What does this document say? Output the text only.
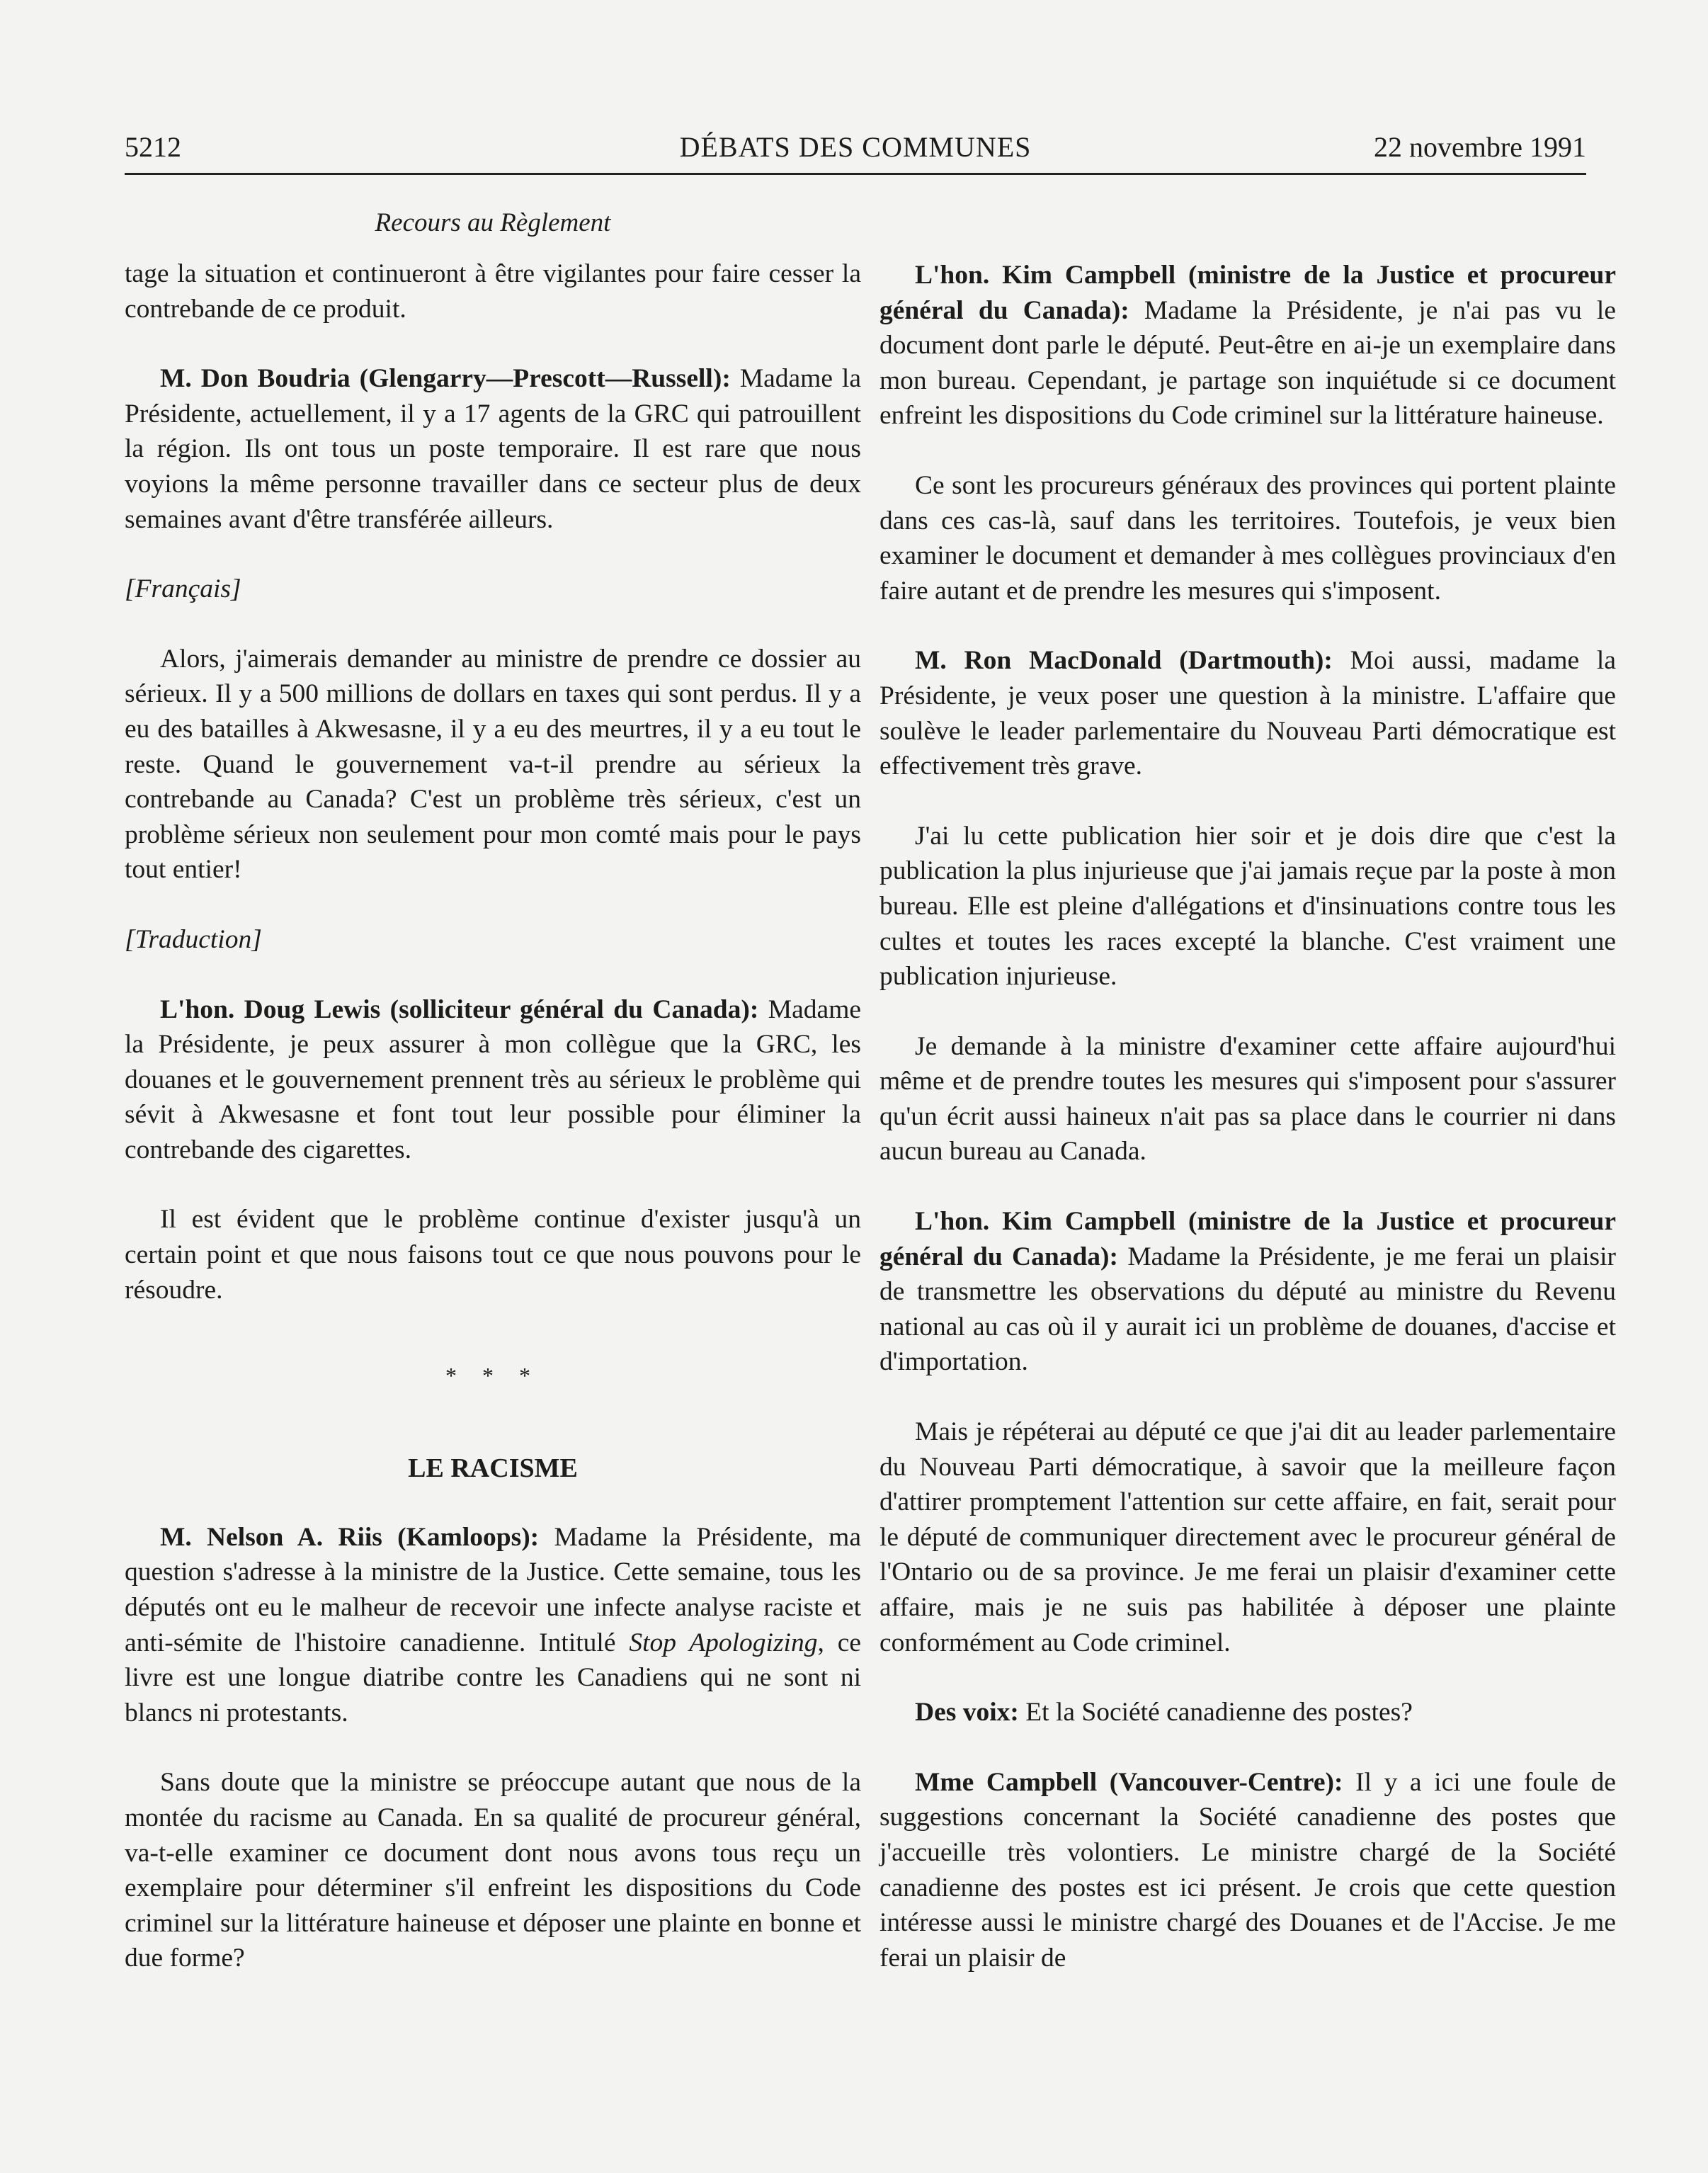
5212	DÉBATS DES COMMUNES	22 novembre 1991
Recours au Règlement

tage la situation et continueront à être vigilantes pour faire cesser la contrebande de ce produit.

M. Don Boudria (Glengarry—Prescott—Russell): Madame la Présidente, actuellement, il y a 17 agents de la GRC qui patrouillent la région. Ils ont tous un poste temporaire. Il est rare que nous voyions la même personne travailler dans ce secteur plus de deux semaines avant d'être transférée ailleurs.

[Français]

Alors, j'aimerais demander au ministre de prendre ce dossier au sérieux. Il y a 500 millions de dollars en taxes qui sont perdus. Il y a eu des batailles à Akwesasne, il y a eu des meurtres, il y a eu tout le reste. Quand le gouvernement va-t-il prendre au sérieux la contrebande au Canada? C'est un problème très sérieux, c'est un problème sérieux non seulement pour mon comté mais pour le pays tout entier!

[Traduction]

L'hon. Doug Lewis (solliciteur général du Canada): Madame la Présidente, je peux assurer à mon collègue que la GRC, les douanes et le gouvernement prennent très au sérieux le problème qui sévit à Akwesasne et font tout leur possible pour éliminer la contrebande des cigarettes.

Il est évident que le problème continue d'exister jusqu'à un certain point et que nous faisons tout ce que nous pouvons pour le résoudre.

* * *

LE RACISME

M. Nelson A. Riis (Kamloops): Madame la Présidente, ma question s'adresse à la ministre de la Justice. Cette semaine, tous les députés ont eu le malheur de recevoir une infecte analyse raciste et anti-sémite de l'histoire canadienne. Intitulé Stop Apologizing, ce livre est une longue diatribe contre les Canadiens qui ne sont ni blancs ni protestants.

Sans doute que la ministre se préoccupe autant que nous de la montée du racisme au Canada. En sa qualité de procureur général, va-t-elle examiner ce document dont nous avons tous reçu un exemplaire pour déterminer s'il enfreint les dispositions du Code criminel sur la littérature haineuse et déposer une plainte en bonne et due forme?

L'hon. Kim Campbell (ministre de la Justice et procureur général du Canada): Madame la Présidente, je n'ai pas vu le document dont parle le député. Peut-être en ai-je un exemplaire dans mon bureau. Cependant, je partage son inquiétude si ce document enfreint les dispositions du Code criminel sur la littérature haineuse.

Ce sont les procureurs généraux des provinces qui portent plainte dans ces cas-là, sauf dans les territoires. Toutefois, je veux bien examiner le document et demander à mes collègues provinciaux d'en faire autant et de prendre les mesures qui s'imposent.

M. Ron MacDonald (Dartmouth): Moi aussi, madame la Présidente, je veux poser une question à la ministre. L'affaire que soulève le leader parlementaire du Nouveau Parti démocratique est effectivement très grave.

J'ai lu cette publication hier soir et je dois dire que c'est la publication la plus injurieuse que j'ai jamais reçue par la poste à mon bureau. Elle est pleine d'allégations et d'insinuations contre tous les cultes et toutes les races excepté la blanche. C'est vraiment une publication injurieuse.

Je demande à la ministre d'examiner cette affaire aujourd'hui même et de prendre toutes les mesures qui s'imposent pour s'assurer qu'un écrit aussi haineux n'ait pas sa place dans le courrier ni dans aucun bureau au Canada.

L'hon. Kim Campbell (ministre de la Justice et procureur général du Canada): Madame la Présidente, je me ferai un plaisir de transmettre les observations du député au ministre du Revenu national au cas où il y aurait ici un problème de douanes, d'accise et d'importation.

Mais je répéterai au député ce que j'ai dit au leader parlementaire du Nouveau Parti démocratique, à savoir que la meilleure façon d'attirer promptement l'attention sur cette affaire, en fait, serait pour le député de communiquer directement avec le procureur général de l'Ontario ou de sa province. Je me ferai un plaisir d'examiner cette affaire, mais je ne suis pas habilitée à déposer une plainte conformément au Code criminel.

Des voix: Et la Société canadienne des postes?

Mme Campbell (Vancouver-Centre): Il y a ici une foule de suggestions concernant la Société canadienne des postes que j'accueille très volontiers. Le ministre chargé de la Société canadienne des postes est ici présent. Je crois que cette question intéresse aussi le ministre chargé des Douanes et de l'Accise. Je me ferai un plaisir de
